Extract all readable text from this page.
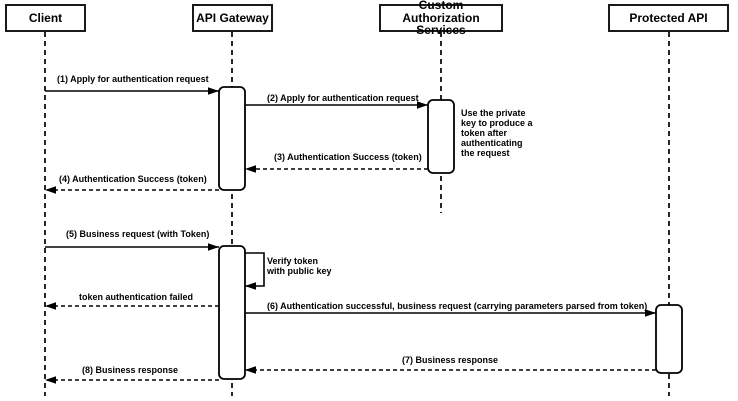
Client	API Gateway
Custom Authorization
Services
Protected API
(1) Apply for authentication request
(2) Apply for authentication request
(3) Authentication Success (token)
(4) Authentication Success (token)
(5) Business request (with Token)
Verify token
with public key
token authentication failed
(6) Authentication successful, business request (carrying parameters parsed from token)
(7) Business response
(8) Business response
Use the private
key to produce a
token after
authenticating
the request
